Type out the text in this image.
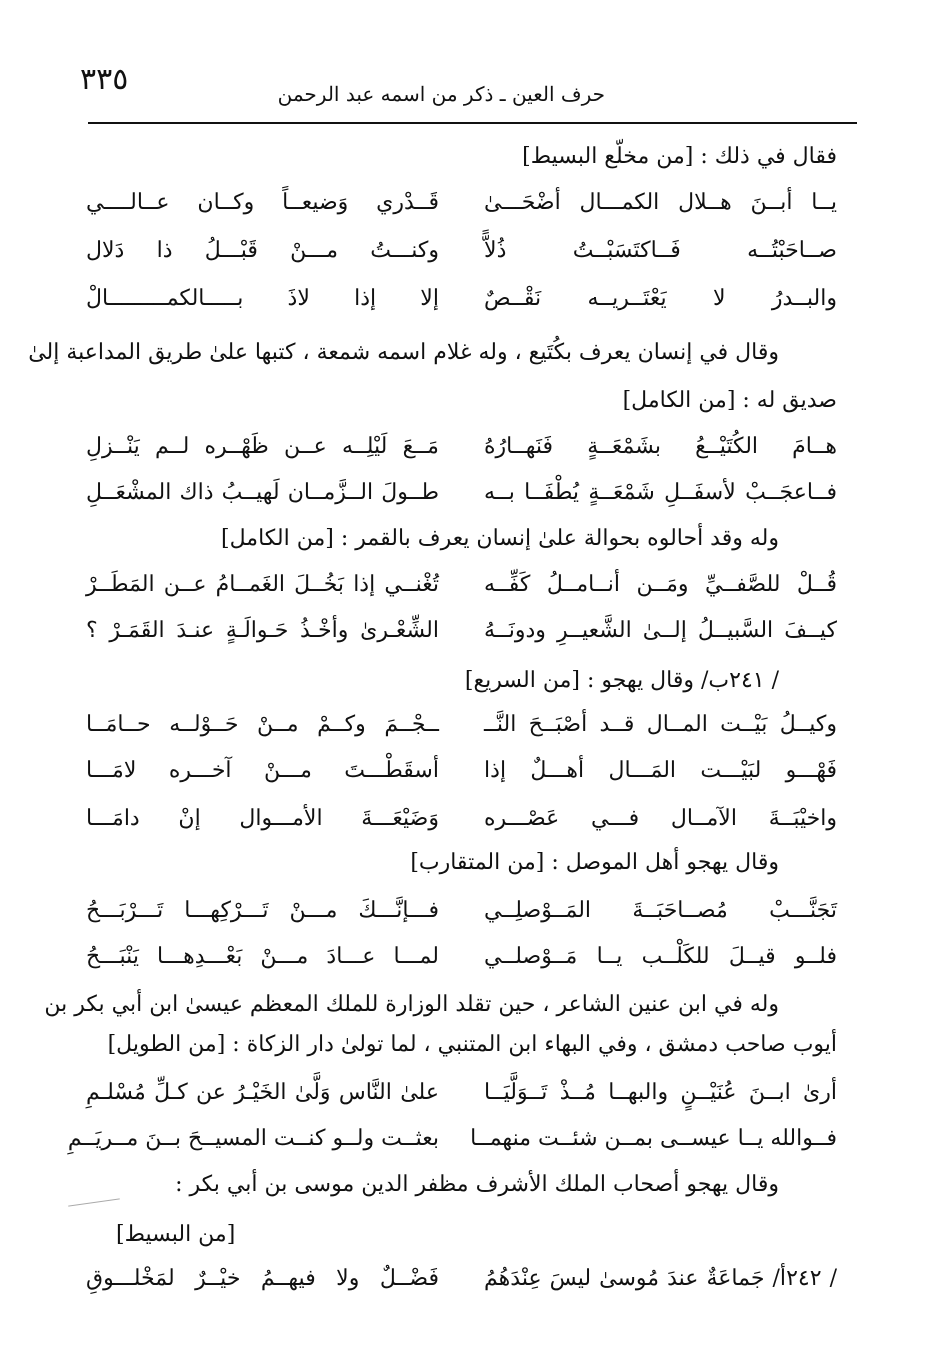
٣٣٥	حرف العين ـ ذكر من اسمه عبد الرحمن
فقال في ذلك : [من مخلّع البسيط]
يــا أبــنَ هــلال الكمـــال أضْحَـــىٰ
قَــدْري وَضيعــاً وكــان عــالــــي
صــاحَبْتُــه فَــاكتَسَبْــتُ ذُلاًّ
وكنـــتُ مـــنْ قَبْـــلُ ذا دَلال
والبــدرُ لا يَعْتَــريــه نَقْــصٌ
إلا إذا لاذَ بـــــالكمـــــــــالْ
وقال في إنسان يعرف بكُتَيع ، وله غلام اسمه شمعة ، كتبها علىٰ طريق المداعبة إلىٰ
صديق له : [من الكامل]
هــامَ الكُتَيْــعُ بشَمْعَــةٍ فَنَهــارُهُ
مَــعَ لَيْلِــه عــن ظَهْــره لــم يَنْــزلِ
فــاعجَــبْ لأسفَــلِ شَمْعَــةٍ يُطْفَــا بــه
طــولَ الــزَّمــان لَهيــبُ ذاك المشْعَــلِ
وله وقد أحالوه بحوالة علىٰ إنسان يعرف بالقمر : [من الكامل]
قُــلْ للصَّفــيِّ ومَــن أنــامــلُ كَفِّــه
تُغْنــي إذا بَخُــلَ الغَمــامُ عــن المَطَــرْ
كيــفَ السَّبيــلُ إلــىٰ الشَّعيــرِ ودونَــهُ
الشِّعْـرىٰ وأخْـذُ حَـوالَـةٍ عنـدَ القَمَـرْ ؟
/ ٢٤١ب/ وقال يهجو : [من السريع]
وكيــلُ بَيْــت المــال قــد أصْبَــحَ النَّــ
ــجْــمَ وكــمْ مــنْ حَــوْلــه حــامَــا
فَهْـــو لبَيْـــت المَـــال أهـــلٌ إذا
أسقَطْـــتَ مـــنْ آخـــره لامَـــا
واخيْبَــةَ الآمــال فـــي عَصْـــره
وَضَيْعَـــةَ الأمـــوال إنْ دامَـــا
وقال يهجو أهل الموصل : [من المتقارب]
تَجَنَّـــبْ مُصــاحَبَــةَ المَــوْصلِــي
فـــإنَّـــكَ مـــنْ تَـــرْكِهـــا تَـــرْبَـــحُ
فلــو قيــلَ للكَلْــب يــا مَــوْصلــي
لمـــا عـــادَ مـــنْ بَعْـــدِهـــا يَنْبَـــحُ
وله في ابن عنين الشاعر ، حين تقلد الوزارة للملك المعظم عيسىٰ ابن أبي بكر بن
أيوب صاحب دمشق ، وفي البهاء ابن المتنبي ، لما تولىٰ دار الزكاة : [من الطويل]
أرىٰ ابــنَ عُنَيْــنٍ والبهــا مُــذْ تَــوَلَّيَــا
علىٰ النَّاس وَلَّىٰ الخَيْـرُ عن كـلِّ مُسْلـمِ
فــوالله يــا عيســى بمــن شئــت منهمــا
بعثــت ولــو كنــت المسيــحَ بــنَ مــريَــمِ
وقال يهجو أصحاب الملك الأشرف مظفر الدين موسى بن أبي بكر :
[من البسيط]
/ ٢٤٢أ/ جَماعَةٌ عندَ مُوسىٰ ليسَ عِنْدَهُمُ
فَضْــلٌ ولا فيهــمُ خيْــرٌ لمَخْلـــوقِ
